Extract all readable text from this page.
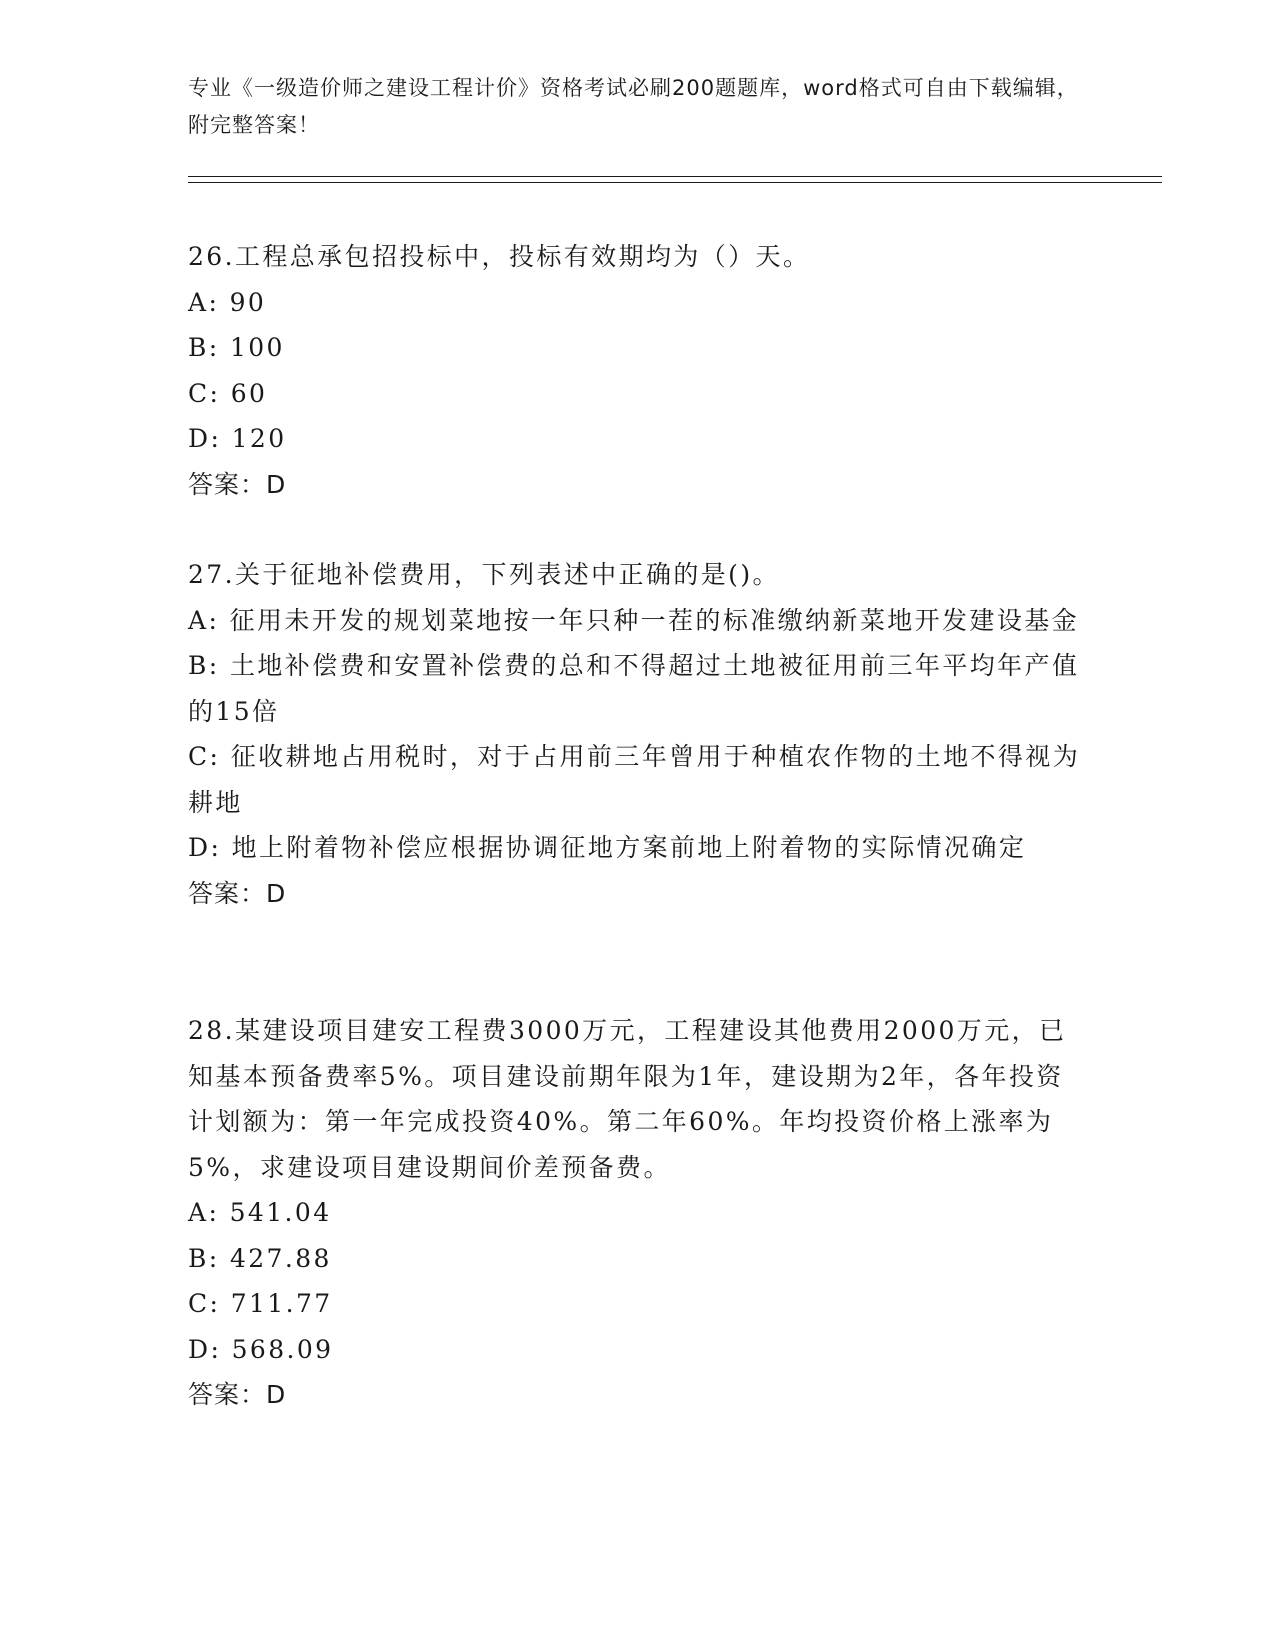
专业《一级造价师之建设工程计价》资格考试必刷200题题库，word格式可自由下载编辑，附完整答案！

26.工程总承包招投标中，投标有效期均为（）天。

A: 90

B: 100

C: 60

D: 120

答案：D

27.关于征地补偿费用，下列表述中正确的是()。

A: 征用未开发的规划菜地按一年只种一茬的标准缴纳新菜地开发建设基金

B: 土地补偿费和安置补偿费的总和不得超过土地被征用前三年平均年产值的15倍

C: 征收耕地占用税时，对于占用前三年曾用于种植农作物的土地不得视为耕地

D: 地上附着物补偿应根据协调征地方案前地上附着物的实际情况确定

答案：D

28.某建设项目建安工程费3000万元，工程建设其他费用2000万元，已知基本预备费率5%。项目建设前期年限为1年，建设期为2年，各年投资计划额为：第一年完成投资40%。第二年60%。年均投资价格上涨率为5%，求建设项目建设期间价差预备费。

A: 541.04

B: 427.88

C: 711.77

D: 568.09

答案：D
